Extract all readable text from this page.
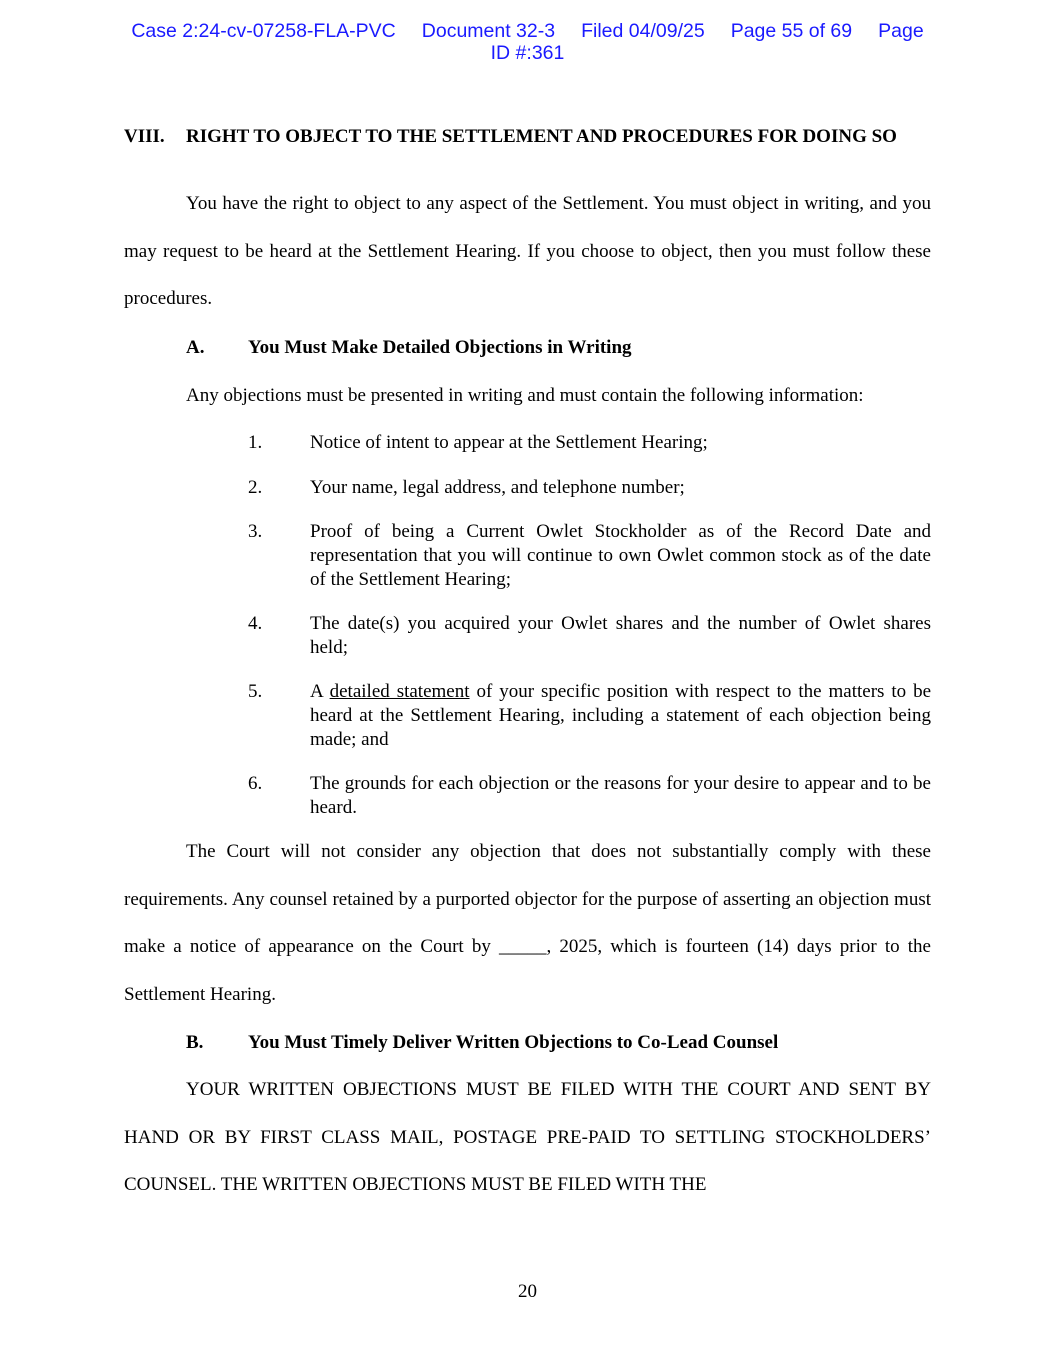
Case 2:24-cv-07258-FLA-PVC Document 32-3 Filed 04/09/25 Page 55 of 69 Page
ID #:361
VIII. RIGHT TO OBJECT TO THE SETTLEMENT AND PROCEDURES FOR DOING SO

You have the right to object to any aspect of the Settlement. You must object in writing, and you may request to be heard at the Settlement Hearing. If you choose to object, then you must follow these procedures.

A. You Must Make Detailed Objections in Writing
Any objections must be presented in writing and must contain the following information:
1.	Notice of intent to appear at the Settlement Hearing;
2.	Your name, legal address, and telephone number;
3.	Proof of being a Current Owlet Stockholder as of the Record Date and representation that you will continue to own Owlet common stock as of the date of the Settlement Hearing;
4.	The date(s) you acquired your Owlet shares and the number of Owlet shares held;
5.	A detailed statement of your specific position with respect to the matters to be heard at the Settlement Hearing, including a statement of each objection being made; and
6.	The grounds for each objection or the reasons for your desire to appear and to be heard.

The Court will not consider any objection that does not substantially comply with these requirements. Any counsel retained by a purported objector for the purpose of asserting an objection must make a notice of appearance on the Court by _____, 2025, which is fourteen (14) days prior to the Settlement Hearing.

B. You Must Timely Deliver Written Objections to Co-Lead Counsel

YOUR WRITTEN OBJECTIONS MUST BE FILED WITH THE COURT AND SENT BY HAND OR BY FIRST CLASS MAIL, POSTAGE PRE-PAID TO SETTLING STOCKHOLDERS’ COUNSEL. THE WRITTEN OBJECTIONS MUST BE FILED WITH THE

20
